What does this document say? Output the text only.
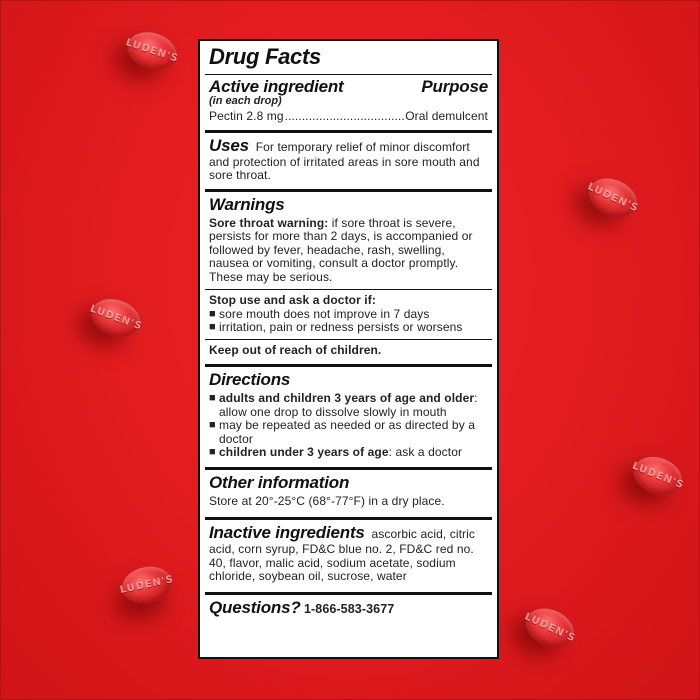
LUDEN'S
LUDEN'S
LUDEN'S
LUDEN'S
LUDEN'S
LUDEN'S
Drug Facts
Active ingredient	Purpose
(in each drop)
Pectin 2.8 mg
.....	Oral demulcent
Uses For temporary relief of minor discomfort and protection of irritated areas in sore mouth and sore throat.
Warnings
Sore throat warning: if sore throat is severe, persists for more than 2 days, is accompanied or followed by fever, headache, rash, swelling, nausea or vomiting, consult a doctor promptly. These may be serious.
Stop use and ask a doctor if:
■
sore mouth does not improve in 7 days
■
irritation, pain or redness persists or worsens
Keep out of reach of children.
Directions
■
adults and children 3 years of age and older:
allow one drop to dissolve slowly in mouth
■
may be repeated as needed or as directed by a doctor
■
children under 3 years of age: ask a doctor
Other information
Store at 20°-25°C (68°-77°F) in a dry place.
Inactive ingredients ascorbic acid, citric acid, corn syrup, FD&C blue no. 2, FD&C red no. 40, flavor, malic acid, sodium acetate, sodium chloride, soybean oil, sucrose, water
Questions? 1-866-583-3677
